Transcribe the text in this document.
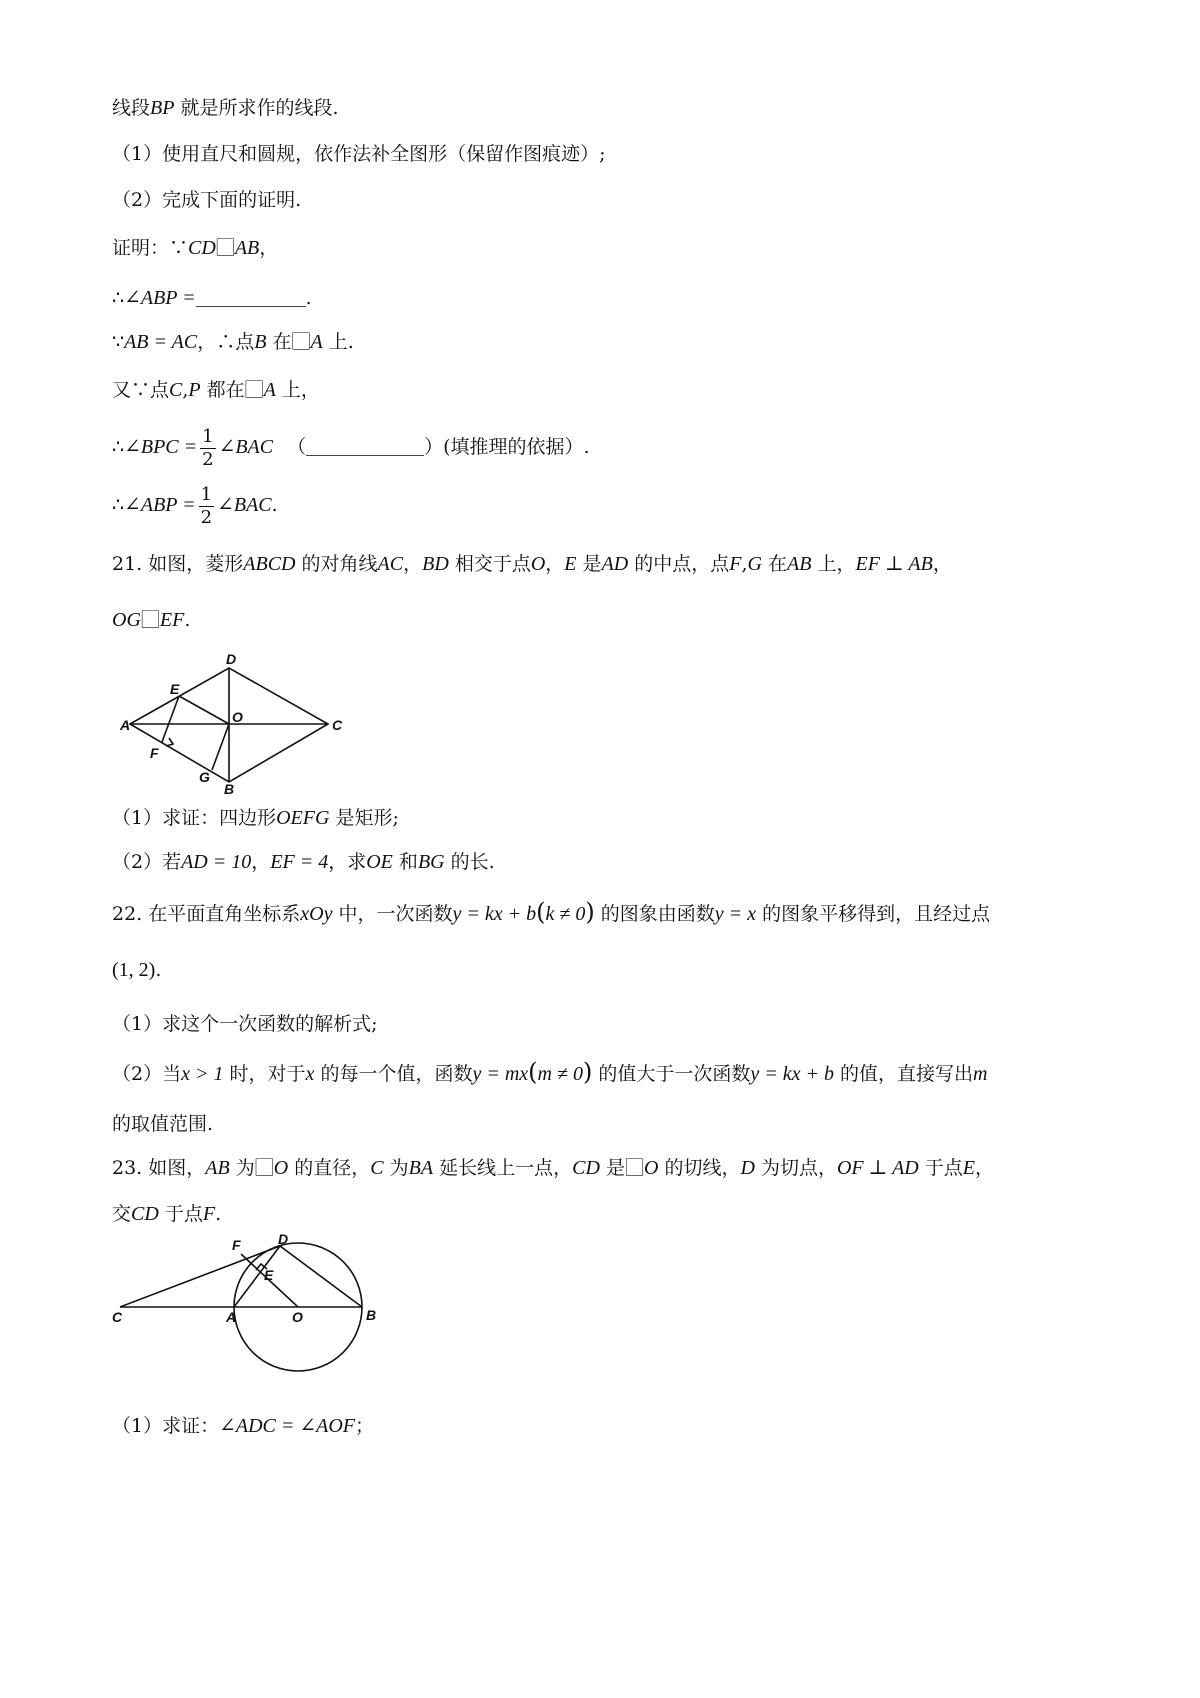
线段BP 就是所求作的线段.
（1）使用直尺和圆规，依作法补全图形（保留作图痕迹）;
（2）完成下面的证明.
证明：∵CD⃞AB，
∴∠ABP =	.
∵AB = AC，∴点B 在A 上.
又∵点C,P 都在A 上，
∴∠BPC = $\frac{1}{2}$ ∠BAC （	）(填推理的依据）.
∴∠ABP = $\frac{1}{2}$ ∠BAC.
21. 如图，菱形ABCD 的对角线AC，BD 相交于点O，E 是AD 的中点，点F,G 在AB 上，EF ⊥ AB，
OG⃞EF.
A
B
C
D
E
F
G
O
（1）求证：四边形OEFG 是矩形;
（2）若AD = 10，EF = 4，求OE 和BG 的长.
22. 在平面直角坐标系xOy 中，一次函数y = kx + b(k ≠ 0) 的图象由函数y = x 的图象平移得到，且经过点
(1, 2).
（1）求这个一次函数的解析式;
（2）当x > 1 时，对于x 的每一个值，函数y = mx(m ≠ 0) 的值大于一次函数y = kx + b 的值，直接写出m
的取值范围.
23. 如图，AB 为O 的直径，C 为BA 延长线上一点，CD 是O 的切线，D 为切点，OF ⊥ AD 于点E，
交CD 于点F.
C	A	O	B
D
F
E
（1）求证：∠ADC = ∠AOF；
